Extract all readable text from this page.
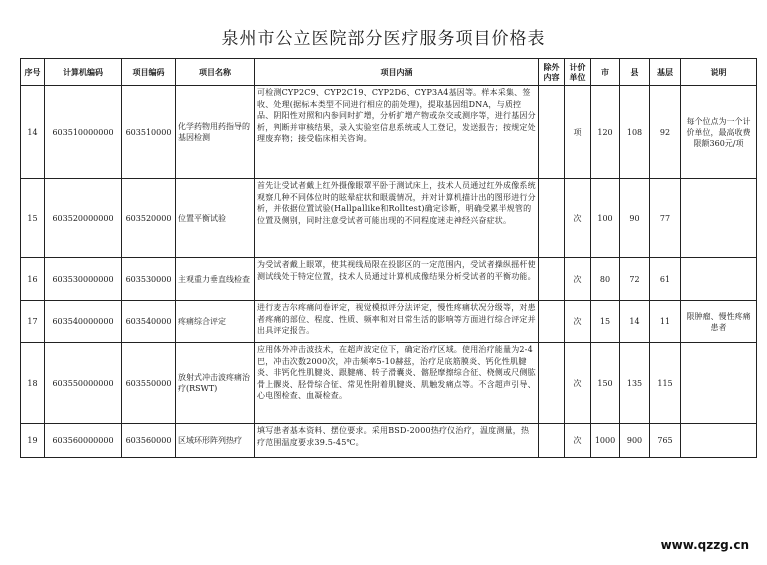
泉州市公立医院部分医疗服务项目价格表
序号	计算机编码	项目编码	项目名称	项目内涵	除外内容	计价单位	市	县	基层	说明
14	603510000000	603510000	化学药物用药指导的基因检测	可检测CYP2C9、CYP2C19、CYP2D6、CYP3A4基因等。样本采集、签收、处理(据标本类型不同进行相应的前处理)，提取基因组DNA，与质控品、阴阳性对照和内参同时扩增，分析扩增产物或杂交或测序等，进行基因分析，判断并审核结果，录入实验室信息系统或人工登记，发送报告；按规定处理废弃物；接受临床相关咨询。		项	120	108	92	每个位点为一个计价单位，最高收费限额360元/项
15	603520000000	603520000	位置平衡试验	首先让受试者戴上红外摄像眼罩平卧于测试床上，技术人员通过红外成像系统观察几种不同体位时的眩晕症状和眼震情况，并对计算机描计出的图形进行分析，并依据位置试验(Hallpallike和Rolltest)确定诊断，明确受累半规管的位置及侧别，同时注意受试者可能出现的不同程度迷走神经兴奋症状。		次	100	90	77	
16	603530000000	603530000	主观重力垂直线检查	为受试者戴上眼罩，使其视线局限在投影区的一定范围内，受试者操纵摇杆使测试线处于特定位置，技术人员通过计算机成像结果分析受试者的平衡功能。		次	80	72	61	
17	603540000000	603540000	疼痛综合评定	进行麦吉尔疼痛问卷评定，视觉模拟评分法评定，慢性疼痛状况分级等，对患者疼痛的部位、程度、性质、频率和对日常生活的影响等方面进行综合评定并出具评定报告。		次	15	14	11	限肿瘤、慢性疼痛患者
18	603550000000	603550000	放射式冲击波疼痛治疗(RSWT)	应用体外冲击波技术，在超声波定位下，确定治疗区域。使用治疗能量为2-4巴，冲击次数2000次，冲击频率5-10赫兹，治疗足底筋膜炎、钙化性肌腱炎、非钙化性肌腱炎、跟腱痛、转子滑囊炎、髂胫摩擦综合征、桡侧或尺侧肱骨上髁炎、胫骨综合征、常见性附着肌腱炎、肌触发痛点等。不含超声引导、心电图检查、血凝检查。		次	150	135	115	
19	603560000000	603560000	区域环形阵列热疗	填写患者基本资料、摆位要求。采用BSD-2000热疗仪治疗，温度测量，热疗范围温度要求39.5-45℃。		次	1000	900	765	
www.qzzg.cn
